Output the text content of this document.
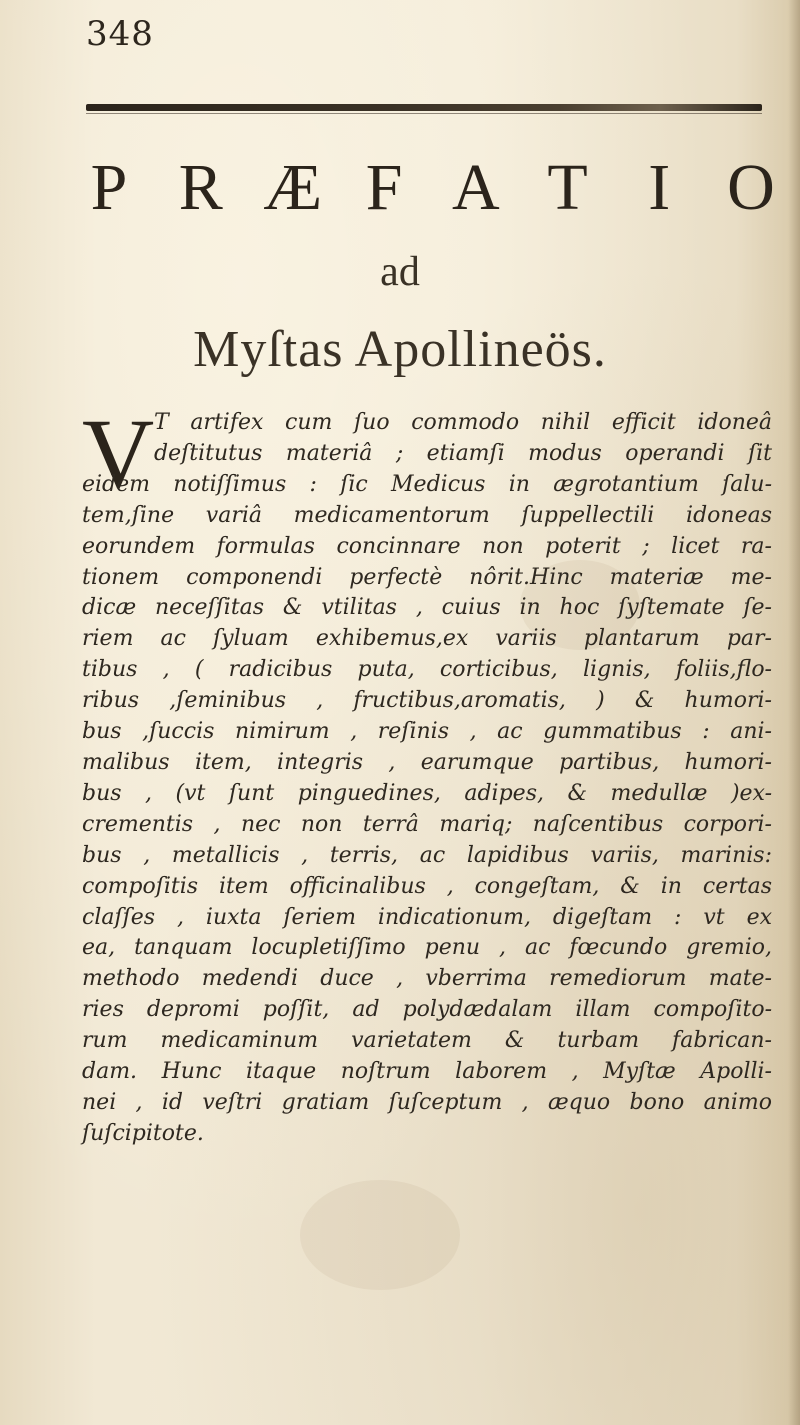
348
P R Æ F A T I O
ad
Myſtas Apollineös.
V T artifex cum ſuo commodo nihil efficit idoneâ
deſtitutus materiâ ; etiamſi modus operandi ſit
eidem notiſſimus : ſic Medicus in ægrotantium ſalu-
tem,ſine variâ medicamentorum ſuppellectili idoneas
eorundem formulas concinnare non poterit ; licet ra-
tionem componendi perfectè nôrit.Hinc materiæ me-
dicæ neceſſitas & vtilitas , cuius in hoc ſyſtemate ſe-
riem ac ſyluam exhibemus,ex variis plantarum par-
tibus , ( radicibus puta, corticibus, lignis, foliis,flo-
ribus ,ſeminibus , fructibus,aromatis, ) & humori-
bus ,ſuccis nimirum , reſinis , ac gummatibus : ani-
malibus item, integris , earumque partibus, humori-
bus , (vt ſunt pinguedines, adipes, & medullæ )ex-
crementis , nec non terrâ mariq; naſcentibus corpori-
bus , metallicis , terris, ac lapidibus variis, marinis:
compoſitis item officinalibus , congeſtam, & in certas
claſſes , iuxta ſeriem indicationum, digeſtam : vt ex
ea, tanquam locupletiſſimo penu , ac fœcundo gremio,
methodo medendi duce , vberrima remediorum mate-
ries depromi poſſit, ad polydædalam illam compoſito-
rum medicaminum varietatem & turbam fabrican-
dam. Hunc itaque noſtrum laborem , Myſtæ Apolli-
nei , id veſtri gratiam ſuſceptum , æquo bono animo
ſuſcipitote.
